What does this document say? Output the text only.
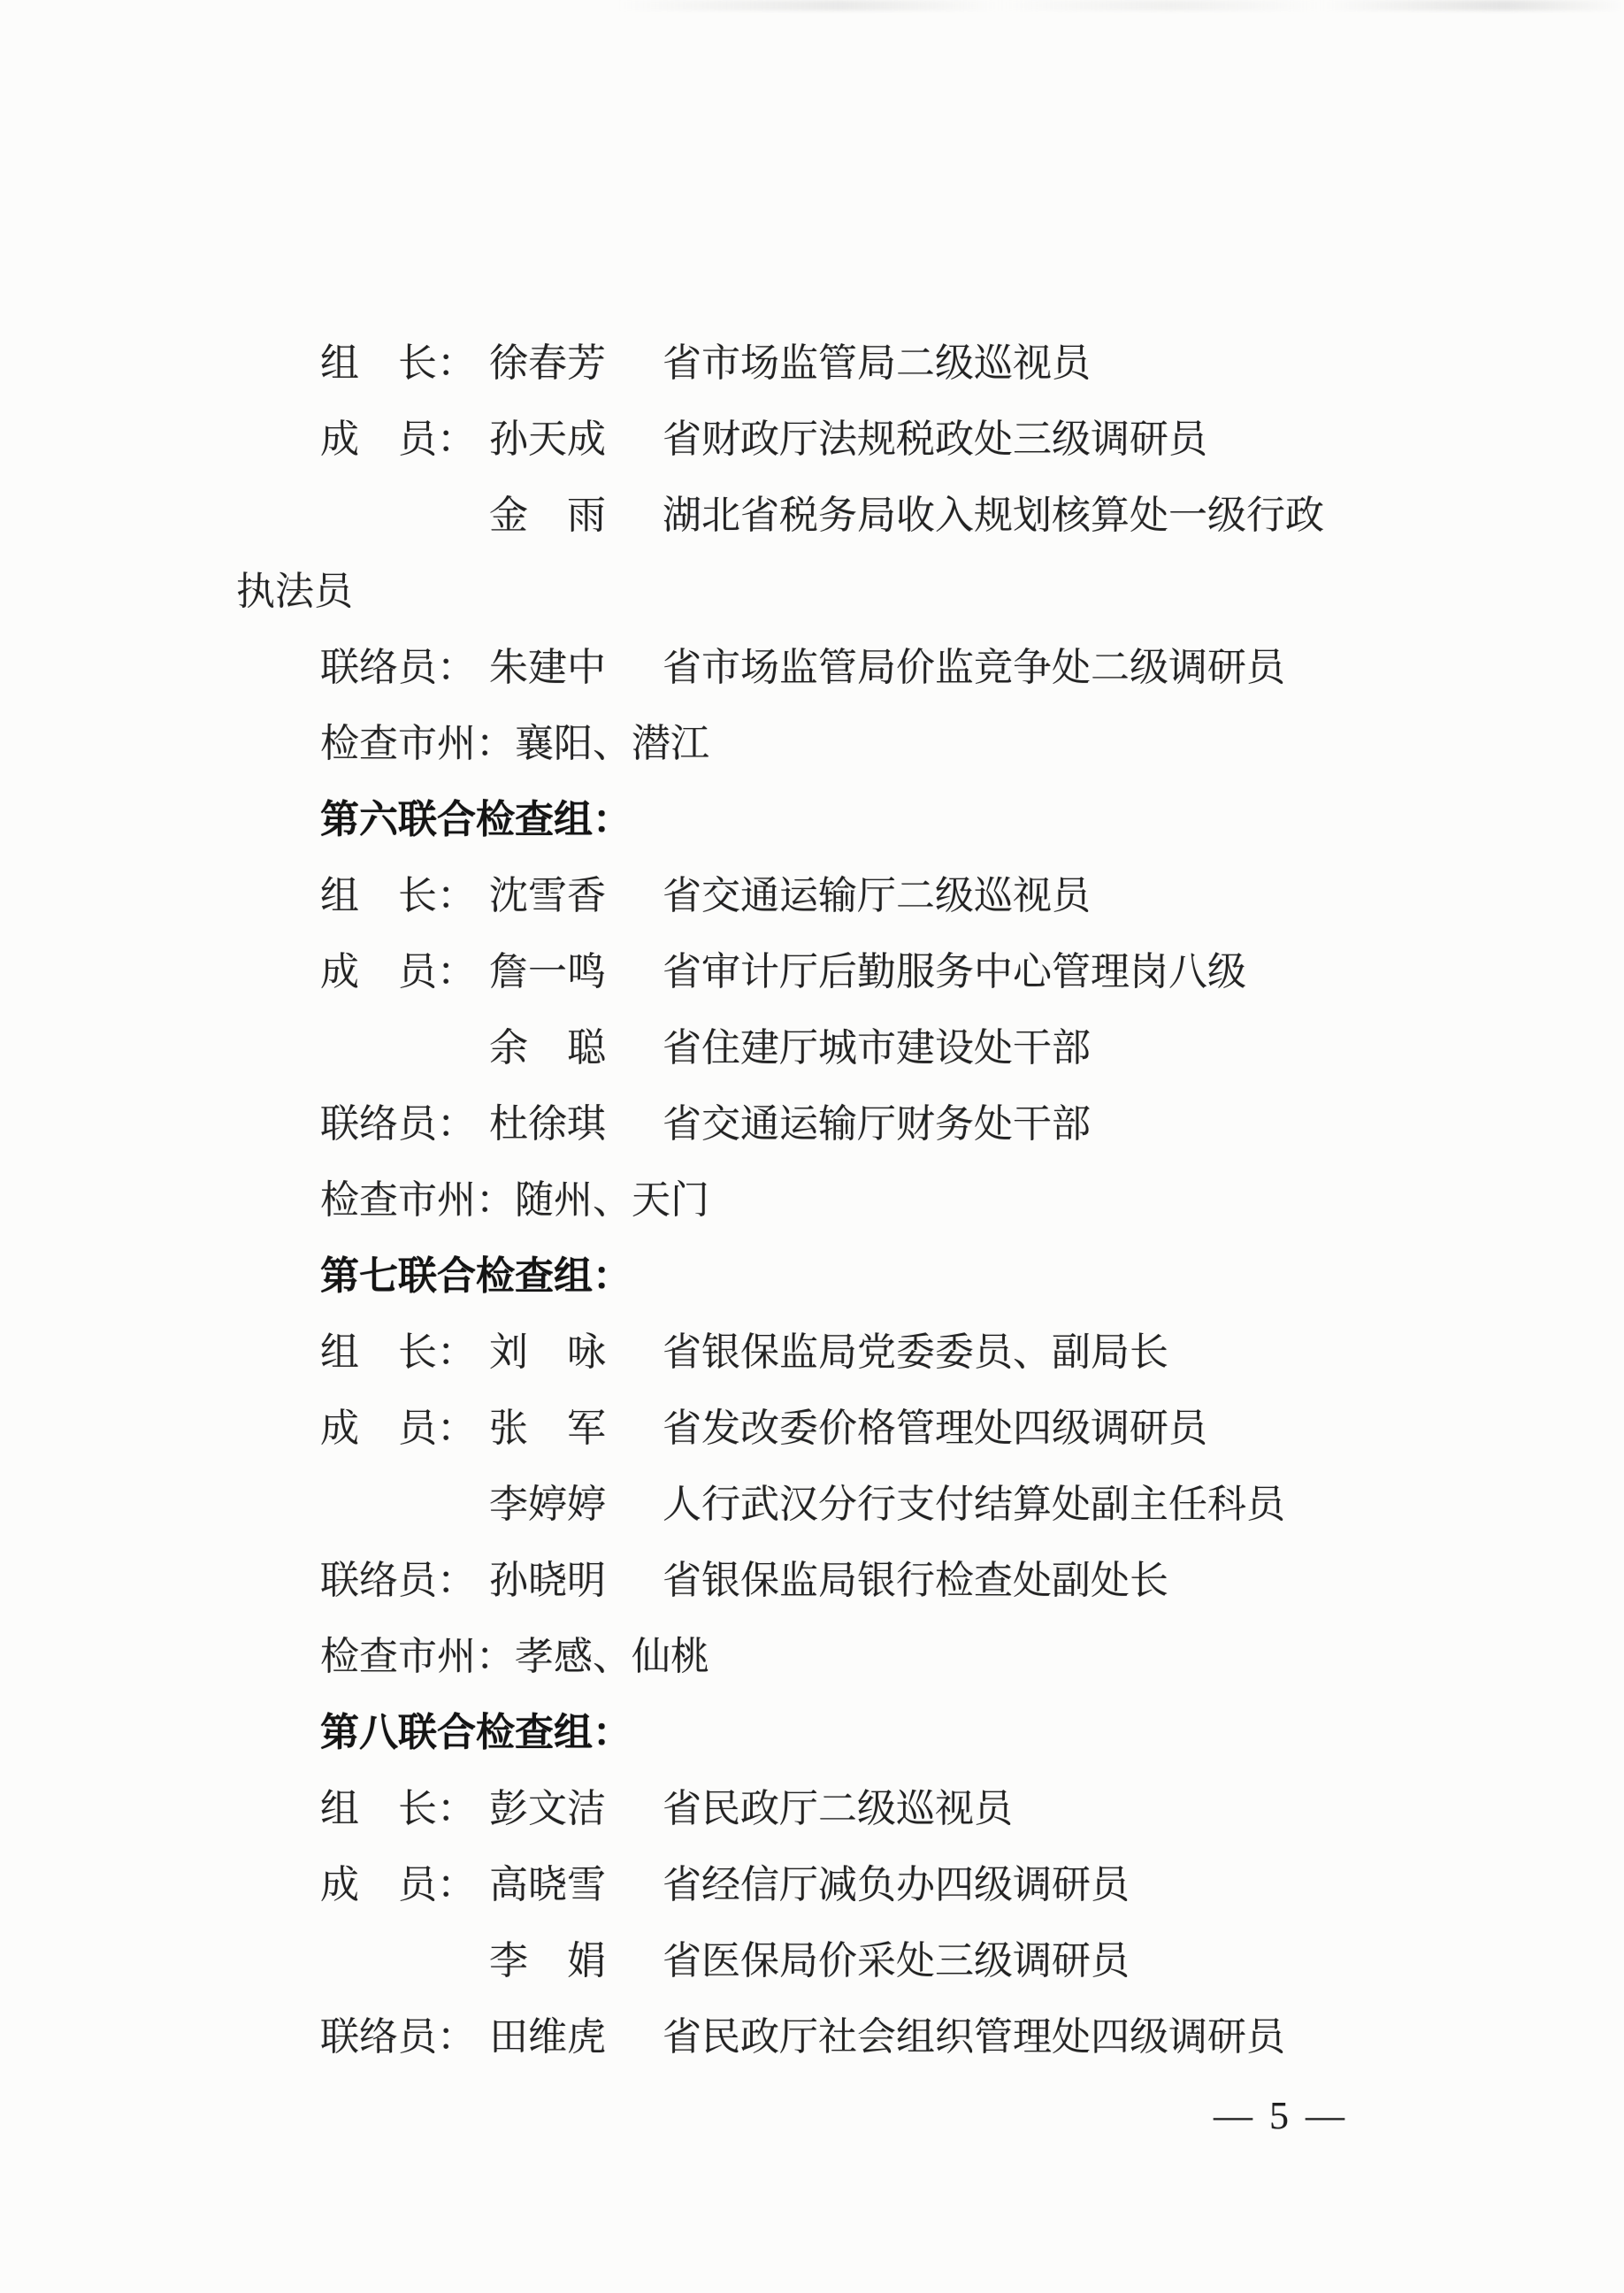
组　长： 徐春芳 省市场监管局二级巡视员
成　员： 孙天成 省财政厅法规税政处三级调研员
金　雨 湖北省税务局收入规划核算处一级行政
执法员
联络员： 朱建中 省市场监管局价监竞争处二级调研员
检查市州：襄阳、潜江
第六联合检查组：
组　长： 沈雪香 省交通运输厅二级巡视员
成　员： 詹一鸣 省审计厅后勤服务中心管理岗八级
余　聪 省住建厅城市建设处干部
联络员： 杜徐琪 省交通运输厅财务处干部
检查市州：随州、天门
第七联合检查组：
组　长： 刘　咏 省银保监局党委委员、副局长
成　员： 张　军 省发改委价格管理处四级调研员
李婷婷 人行武汉分行支付结算处副主任科员
联络员： 孙晓明 省银保监局银行检查处副处长
检查市州：孝感、仙桃
第八联合检查组：
组　长： 彭文洁 省民政厅二级巡视员
成　员： 高晓雪 省经信厅减负办四级调研员
李　娟 省医保局价采处三级调研员
联络员： 田维虎 省民政厅社会组织管理处四级调研员
— 5 —
